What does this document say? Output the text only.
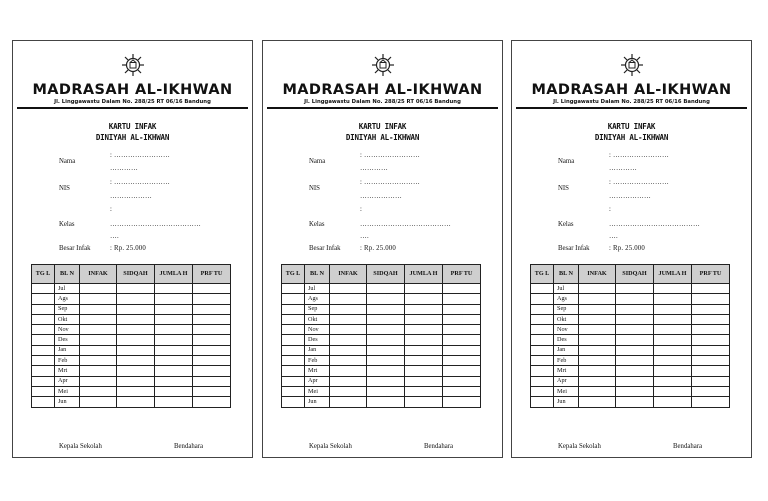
MADRASAH AL-IKHWAN
Jl. Linggawastu Dalam No. 288/25 RT 06/16 Bandung
KARTU INFAK
DINIYAH AL-IKHWAN
Nama
: ……………………
…………
NIS
: ……………………
………………
:
Kelas	…………………………………
….
Besar Infak	: Rp. 25.000
TG L	BL N	INFAK	SIDQAH	JUMLA H	PRF TU
	Jul				
	Ags				
	Sep				
	Okt				
	Nov				
	Des				
	Jan				
	Feb				
	Mrt				
	Apr				
	Mei				
	Jun				
Kepala Sekolah	Bendahara
MADRASAH AL-IKHWAN
Jl. Linggawastu Dalam No. 288/25 RT 06/16 Bandung
KARTU INFAK
DINIYAH AL-IKHWAN
Nama
: ……………………
…………
NIS
: ……………………
………………
:
Kelas	…………………………………
….
Besar Infak	: Rp. 25.000
TG L	BL N	INFAK	SIDQAH	JUMLA H	PRF TU
	Jul				
	Ags				
	Sep				
	Okt				
	Nov				
	Des				
	Jan				
	Feb				
	Mrt				
	Apr				
	Mei				
	Jun				
Kepala Sekolah	Bendahara
MADRASAH AL-IKHWAN
Jl. Linggawastu Dalam No. 288/25 RT 06/16 Bandung
KARTU INFAK
DINIYAH AL-IKHWAN
Nama
: ……………………
…………
NIS
: ……………………
………………
:
Kelas	…………………………………
….
Besar Infak	: Rp. 25.000
TG L	BL N	INFAK	SIDQAH	JUMLA H	PRF TU
	Jul				
	Ags				
	Sep				
	Okt				
	Nov				
	Des				
	Jan				
	Feb				
	Mrt				
	Apr				
	Mei				
	Jun				
Kepala Sekolah	Bendahara
